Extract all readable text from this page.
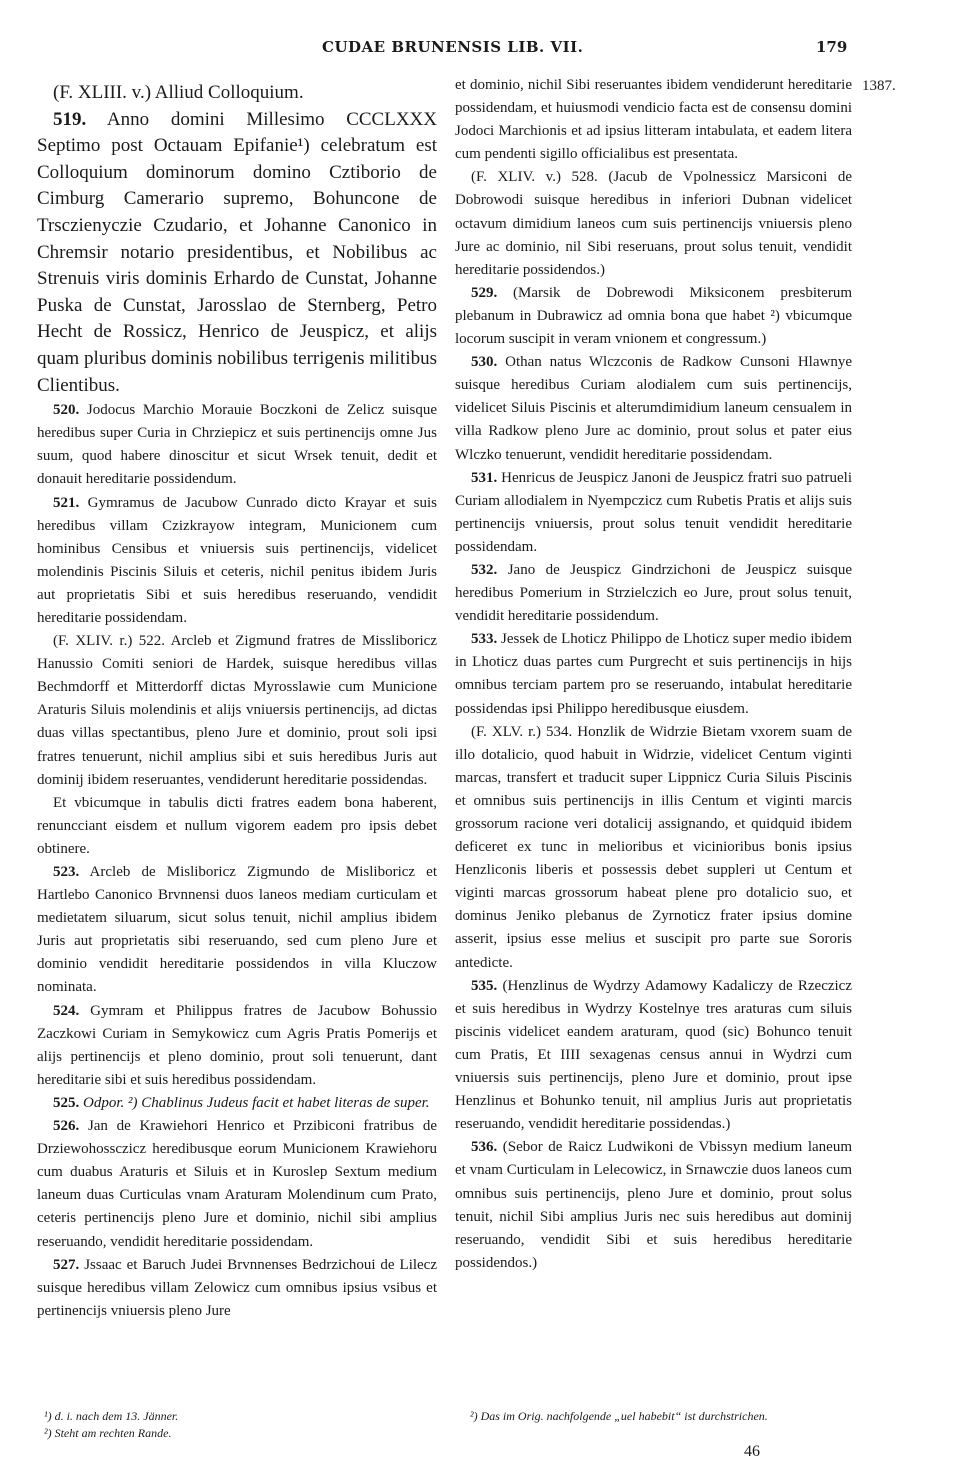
CUDAE BRUNENSIS LIB. VII.	179

(F. XLIII. v.) Alliud Colloquium.

519. Anno domini Millesimo CCCLXXX Septimo post Octauam Epifanie¹) celebratum est Colloquium dominorum domino Cztiborio de Cimburg Camerario supremo, Bohuncone de Trsczienyczie Czudario, et Johanne Canonico in Chremsir notario presidentibus, et Nobilibus ac Strenuis viris dominis Erhardo de Cunstat, Johanne Puska de Cunstat, Jarosslao de Sternberg, Petro Hecht de Rossicz, Henrico de Jeuspicz, et alijs quam pluribus dominis nobilibus terrigenis militibus Clientibus.

520. Jodocus Marchio Morauie Boczkoni de Zelicz suisque heredibus super Curia in Chrziepicz et suis pertinencijs omne Jus suum, quod habere dinoscitur et sicut Wrsek tenuit, dedit et donauit hereditarie possidendum.

521. Gymramus de Jacubow Cunrado dicto Krayar et suis heredibus villam Czizkrayow integram, Municionem cum hominibus Censibus et vniuersis suis pertinencijs, videlicet molendinis Piscinis Siluis et ceteris, nichil penitus ibidem Juris aut proprietatis Sibi et suis heredibus reseruando, vendidit hereditarie possidendam.

(F. XLIV. r.) 522. Arcleb et Zigmund fratres de Missliboricz Hanussio Comiti seniori de Hardek, suisque heredibus villas Bechmdorff et Mitterdorff dictas Myrosslawie cum Municione Araturis Siluis molendinis et alijs vniuersis pertinencijs, ad dictas duas villas spectantibus, pleno Jure et dominio, prout soli ipsi fratres tenuerunt, nichil amplius sibi et suis heredibus Juris aut dominij ibidem reseruantes, vendiderunt hereditarie possidendas.

Et vbicumque in tabulis dicti fratres eadem bona haberent, renuncciant eisdem et nullum vigorem eadem pro ipsis debet obtinere.

523. Arcleb de Misliboricz Zigmundo de Misliboricz et Hartlebo Canonico Brvnnensi duos laneos mediam curticulam et medietatem siluarum, sicut solus tenuit, nichil amplius ibidem Juris aut proprietatis sibi reseruando, sed cum pleno Jure et dominio vendidit hereditarie possidendos in villa Kluczow nominata.

524. Gymram et Philippus fratres de Jacubow Bohussio Zaczkowi Curiam in Semykowicz cum Agris Pratis Pomerijs et alijs pertinencijs et pleno dominio, prout soli tenuerunt, dant hereditarie sibi et suis heredibus possidendam.

525. Odpor. ²) Chablinus Judeus facit et habet literas de super.

526. Jan de Krawiehori Henrico et Przibiconi fratribus de Drziewohossczicz heredibusque eorum Municionem Krawiehoru cum duabus Araturis et Siluis et in Kuroslep Sextum medium laneum duas Curticulas vnam Araturam Molendinum cum Prato, ceteris pertinencijs pleno Jure et dominio, nichil sibi amplius reseruando, vendidit hereditarie possidendam.

527. Jssaac et Baruch Judei Brvnnenses Bedrzichoui de Lilecz suisque heredibus villam Zelowicz cum omnibus ipsius vsibus et pertinencijs vniuersis pleno Jure

et dominio, nichil Sibi reseruantes ibidem vendiderunt hereditarie possidendam, et huiusmodi vendicio facta est de consensu domini Jodoci Marchionis et ad ipsius litteram intabulata, et eadem litera cum pendenti sigillo officialibus est presentata.

(F. XLIV. v.) 528. (Jacub de Vpolnessicz Marsiconi de Dobrowodi suisque heredibus in inferiori Dubnan videlicet octavum dimidium laneos cum suis pertinencijs vniuersis pleno Jure ac dominio, nil Sibi reseruans, prout solus tenuit, vendidit hereditarie possidendos.)

529. (Marsik de Dobrewodi Miksiconem presbiterum plebanum in Dubrawicz ad omnia bona que habet ²) vbicumque locorum suscipit in veram vnionem et congressum.)

530. Othan natus Wlczconis de Radkow Cunsoni Hlawnye suisque heredibus Curiam alodialem cum suis pertinencijs, videlicet Siluis Piscinis et alterumdimidium laneum censualem in villa Radkow pleno Jure ac dominio, prout solus et pater eius Wlczko tenuerunt, vendidit hereditarie possidendam.

531. Henricus de Jeuspicz Janoni de Jeuspicz fratri suo patrueli Curiam allodialem in Nyempczicz cum Rubetis Pratis et alijs suis pertinencijs vniuersis, prout solus tenuit vendidit hereditarie possidendam.

532. Jano de Jeuspicz Gindrzichoni de Jeuspicz suisque heredibus Pomerium in Strzielczich eo Jure, prout solus tenuit, vendidit hereditarie possidendum.

533. Jessek de Lhoticz Philippo de Lhoticz super medio ibidem in Lhoticz duas partes cum Purgrecht et suis pertinencijs in hijs omnibus terciam partem pro se reseruando, intabulat hereditarie possidendas ipsi Philippo heredibusque eiusdem.

(F. XLV. r.) 534. Honzlik de Widrzie Bietam vxorem suam de illo dotalicio, quod habuit in Widrzie, videlicet Centum viginti marcas, transfert et traducit super Lippnicz Curia Siluis Piscinis et omnibus suis pertinencijs in illis Centum et viginti marcis grossorum racione veri dotalicij assignando, et quidquid ibidem deficeret ex tunc in melioribus et vicinioribus bonis ipsius Henzliconis liberis et possessis debet suppleri ut Centum et viginti marcas grossorum habeat plene pro dotalicio suo, et dominus Jeniko plebanus de Zyrnoticz frater ipsius domine asserit, ipsius esse melius et suscipit pro parte sue Sororis antedicte.

535. (Henzlinus de Wydrzy Adamowy Kadaliczy de Rzeczicz et suis heredibus in Wydrzy Kostelnye tres araturas cum siluis piscinis videlicet eandem araturam, quod (sic) Bohunco tenuit cum Pratis, Et IIII sexagenas census annui in Wydrzi cum vniuersis suis pertinencijs, pleno Jure et dominio, prout ipse Henzlinus et Bohunko tenuit, nil amplius Juris aut proprietatis reseruando, vendidit hereditarie possidendas.)

536. (Sebor de Raicz Ludwikoni de Vbissyn medium laneum et vnam Curticulam in Lelecowicz, in Srnawczie duos laneos cum omnibus suis pertinencijs, pleno Jure et dominio, prout solus tenuit, nichil Sibi amplius Juris nec suis heredibus aut dominij reseruando, vendidit Sibi et suis heredibus hereditarie possidendos.)

1387.
¹) d. i. nach dem 13. Jänner.
²) Steht am rechten Rande.
²) Das im Orig. nachfolgende „uel habebit“ ist durchstrichen.
46
